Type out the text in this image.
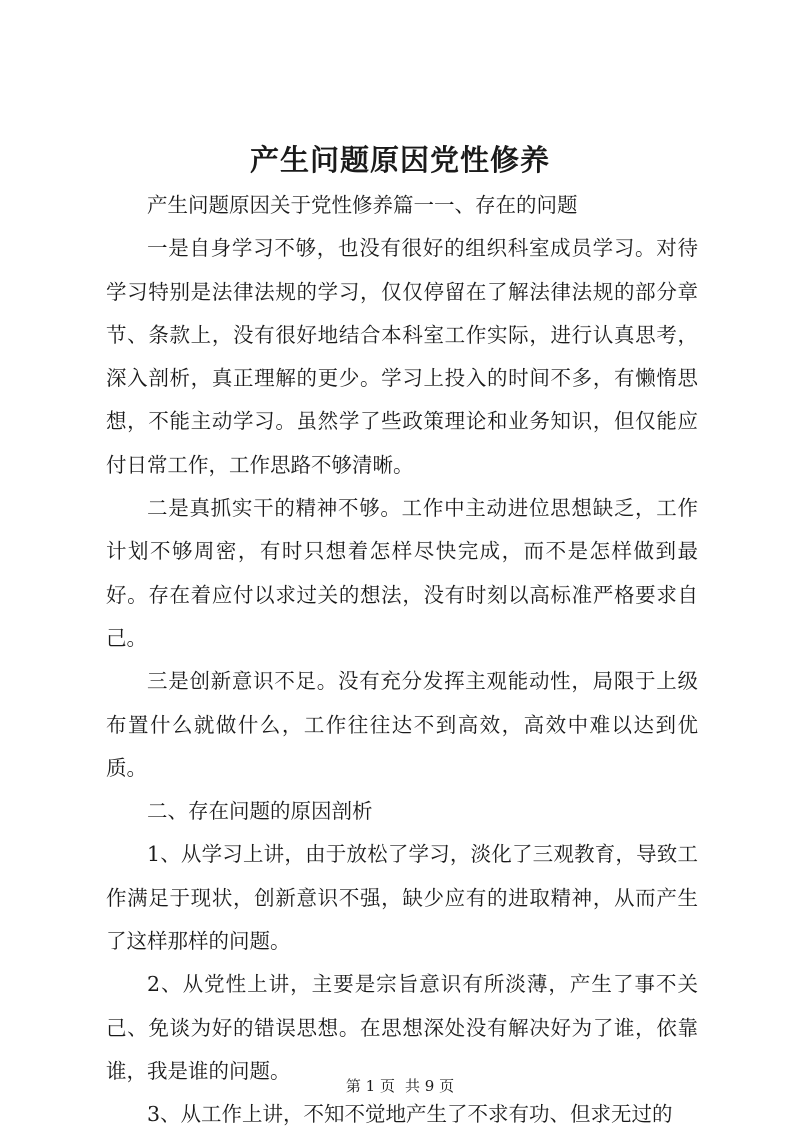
产生问题原因党性修养

产生问题原因关于党性修养篇一一、存在的问题

一是自身学习不够，也没有很好的组织科室成员学习。对待学习特别是法律法规的学习，仅仅停留在了解法律法规的部分章节、条款上，没有很好地结合本科室工作实际，进行认真思考，深入剖析，真正理解的更少。学习上投入的时间不多，有懒惰思想，不能主动学习。虽然学了些政策理论和业务知识，但仅能应付日常工作，工作思路不够清晰。

二是真抓实干的精神不够。工作中主动进位思想缺乏，工作计划不够周密，有时只想着怎样尽快完成，而不是怎样做到最好。存在着应付以求过关的想法，没有时刻以高标准严格要求自己。

三是创新意识不足。没有充分发挥主观能动性，局限于上级布置什么就做什么，工作往往达不到高效，高效中难以达到优质。

二、存在问题的原因剖析

1、从学习上讲，由于放松了学习，淡化了三观教育，导致工作满足于现状，创新意识不强，缺少应有的进取精神，从而产生了这样那样的问题。

2、从党性上讲，主要是宗旨意识有所淡薄，产生了事不关己、免谈为好的错误思想。在思想深处没有解决好为了谁，依靠谁，我是谁的问题。

3、从工作上讲，不知不觉地产生了不求有功、但求无过的

第 1 页 共 9 页
